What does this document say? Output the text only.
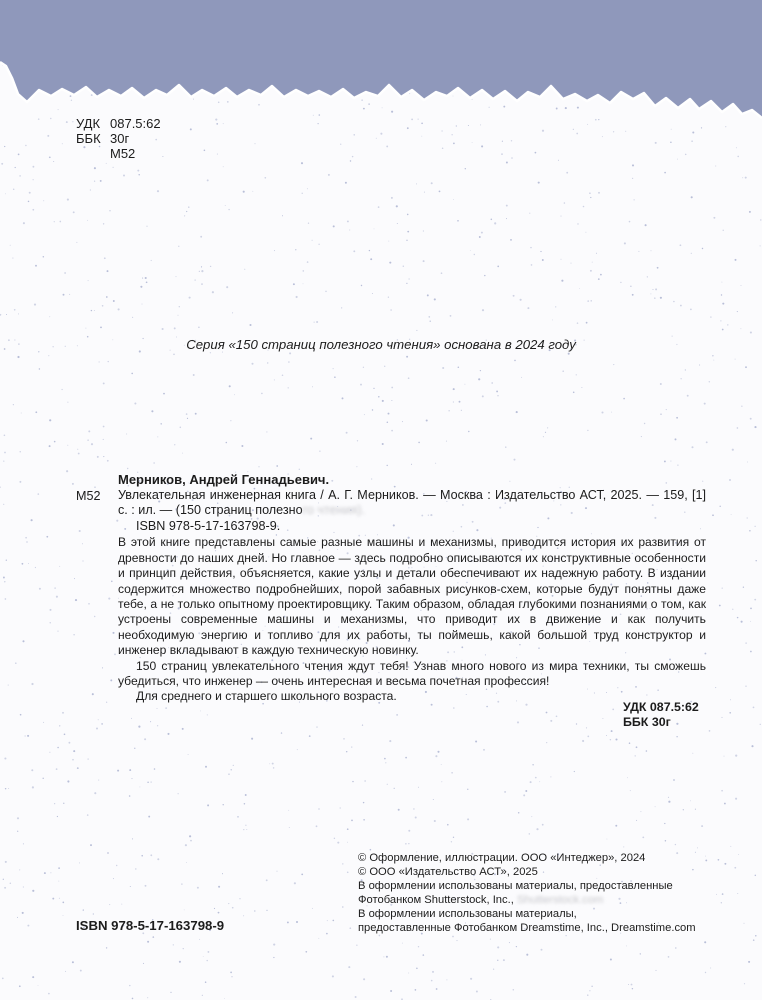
УДК 087.5:62
ББК 30г
М52
Серия «150 страниц полезного чтения» основана в 2024 году
М52
Мерников, Андрей Геннадьевич.
Увлекательная инженерная книга / А. Г. Мерников. — Москва : Издательство АСТ, 2025. — 159, [1] с. : ил. — (150 страниц полезного чтения).
ISBN 978-5-17-163798-9.

В этой книге представлены самые разные машины и механизмы, приводится история их развития от древности до наших дней. Но главное — здесь подробно описываются их конструктивные особенности и принцип действия, объясняется, какие узлы и детали обеспечивают их надежную работу. В издании содержится множество подробнейших, порой забавных рисунков-схем, которые будут понятны даже тебе, а не только опытному проектировщику. Таким образом, обладая глубокими познаниями о том, как устроены современные машины и механизмы, что приводит их в движение и как получить необходимую энергию и топливо для их работы, ты поймешь, какой большой труд конструктор и инженер вкладывают в каждую техническую новинку.

150 страниц увлекательного чтения ждут тебя! Узнав много нового из мира техники, ты сможешь убедиться, что инженер — очень интересная и весьма почетная профессия!

Для среднего и старшего школьного возраста.

УДК 087.5:62
ББК 30г
© Оформление, иллюстрации. ООО «Интеджер», 2024
© ООО «Издательство АСТ», 2025
В оформлении использованы материалы, предоставленные
Фотобанком Shutterstock, Inc., Shutterstock.com
В оформлении использованы материалы,
предоставленные Фотобанком Dreamstime, Inc., Dreamstime.com
ISBN 978-5-17-163798-9
